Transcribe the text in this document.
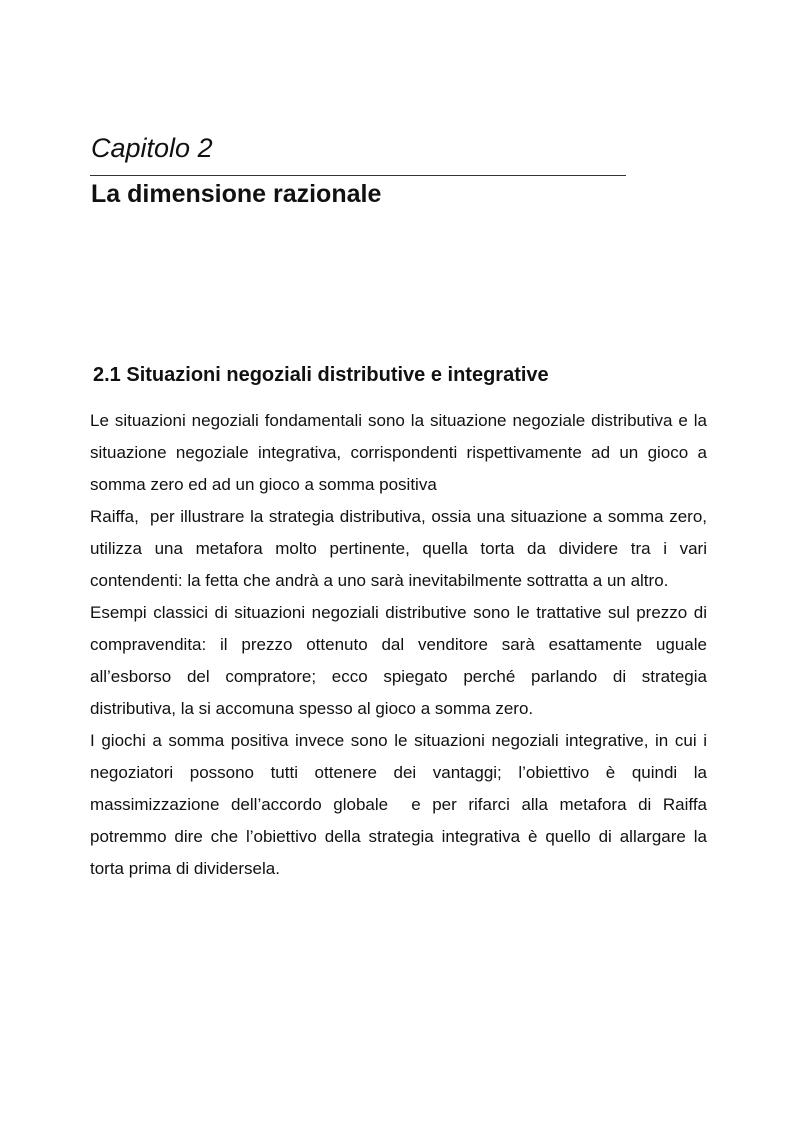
Capitolo 2
La dimensione razionale
2.1 Situazioni negoziali distributive e integrative

Le situazioni negoziali fondamentali sono la situazione negoziale distributiva e la situazione negoziale integrativa, corrispondenti rispettivamente ad un gioco a somma zero ed ad un gioco a somma positiva

Raiffa,  per illustrare la strategia distributiva, ossia una situazione a somma zero, utilizza una metafora molto pertinente, quella torta da dividere tra i vari contendenti: la fetta che andrà a uno sarà inevitabilmente sottratta a un altro.

Esempi classici di situazioni negoziali distributive sono le trattative sul prezzo di compravendita: il prezzo ottenuto dal venditore sarà esattamente uguale all’esborso del compratore; ecco spiegato perché parlando di strategia distributiva, la si accomuna spesso al gioco a somma zero.

I giochi a somma positiva invece sono le situazioni negoziali integrative, in cui i negoziatori possono tutti ottenere dei vantaggi; l’obiettivo è quindi la massimizzazione dell’accordo globale  e per rifarci alla metafora di Raiffa potremmo dire che l’obiettivo della strategia integrativa è quello di allargare la torta prima di dividersela.
